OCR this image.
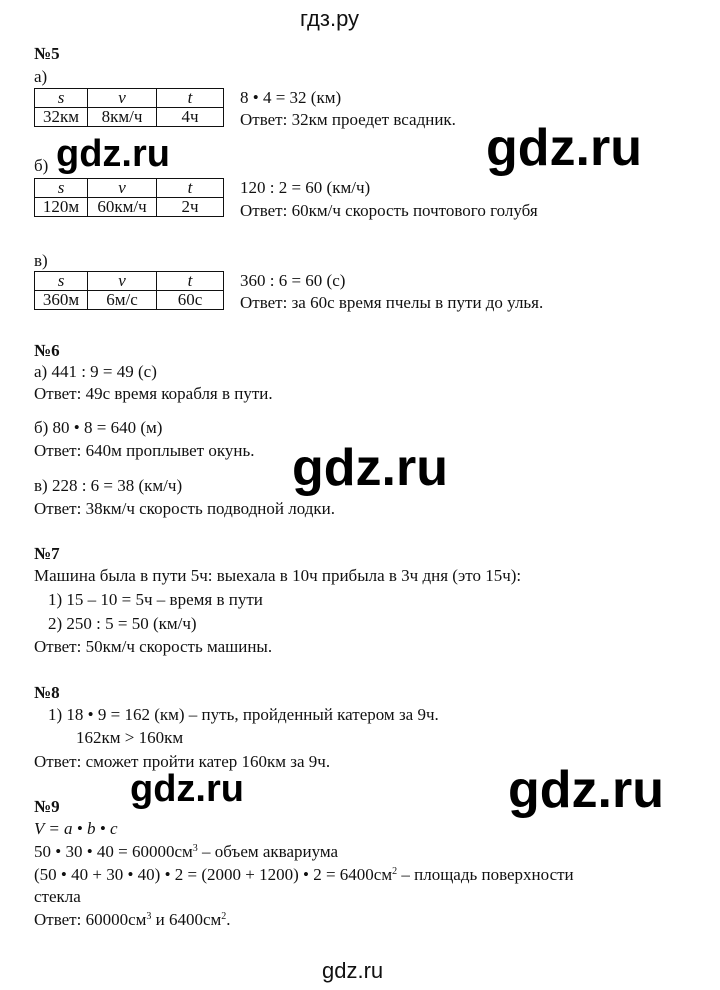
гдз.ру
№5
а)
s	v	t
32км	8км/ч	4ч
8 • 4 = 32 (км)
Ответ: 32км проедет всадник.
б)
s	v	t
120м	60км/ч	2ч
120 : 2 = 60 (км/ч)
Ответ: 60км/ч скорость почтового голубя
в)
s	v	t
360м	6м/с	60с
360 : 6 = 60 (с)
Ответ: за 60с время пчелы в пути до улья.
gdz.ru	gdz.ru
№6
а) 441 : 9 = 49 (с)
Ответ: 49с время корабля в пути.
б) 80 • 8 = 640 (м)
Ответ: 640м проплывет окунь.
в) 228 : 6 = 38 (км/ч)
Ответ: 38км/ч скорость подводной лодки.
gdz.ru
№7
Машина была в пути 5ч: выехала в 10ч прибыла в 3ч дня (это 15ч):
1) 15 – 10 = 5ч – время в пути
2) 250 : 5 = 50 (км/ч)
Ответ: 50км/ч скорость машины.
№8
1) 18 • 9 = 162 (км) – путь, пройденный катером за 9ч.
162км > 160км
Ответ: сможет пройти катер 160км за 9ч.
gdz.ru	gdz.ru
№9
V = a • b • c
50 • 30 • $40 = 60000см^3$ – объем аквариума
(50 • 40 + 30 • 40) • 2 = (2000 + 1200) • $2 = 6400см^2$ – площадь поверхности
стекла
Ответ: $60000см^3$ и $6400см^2$.
gdz.ru
